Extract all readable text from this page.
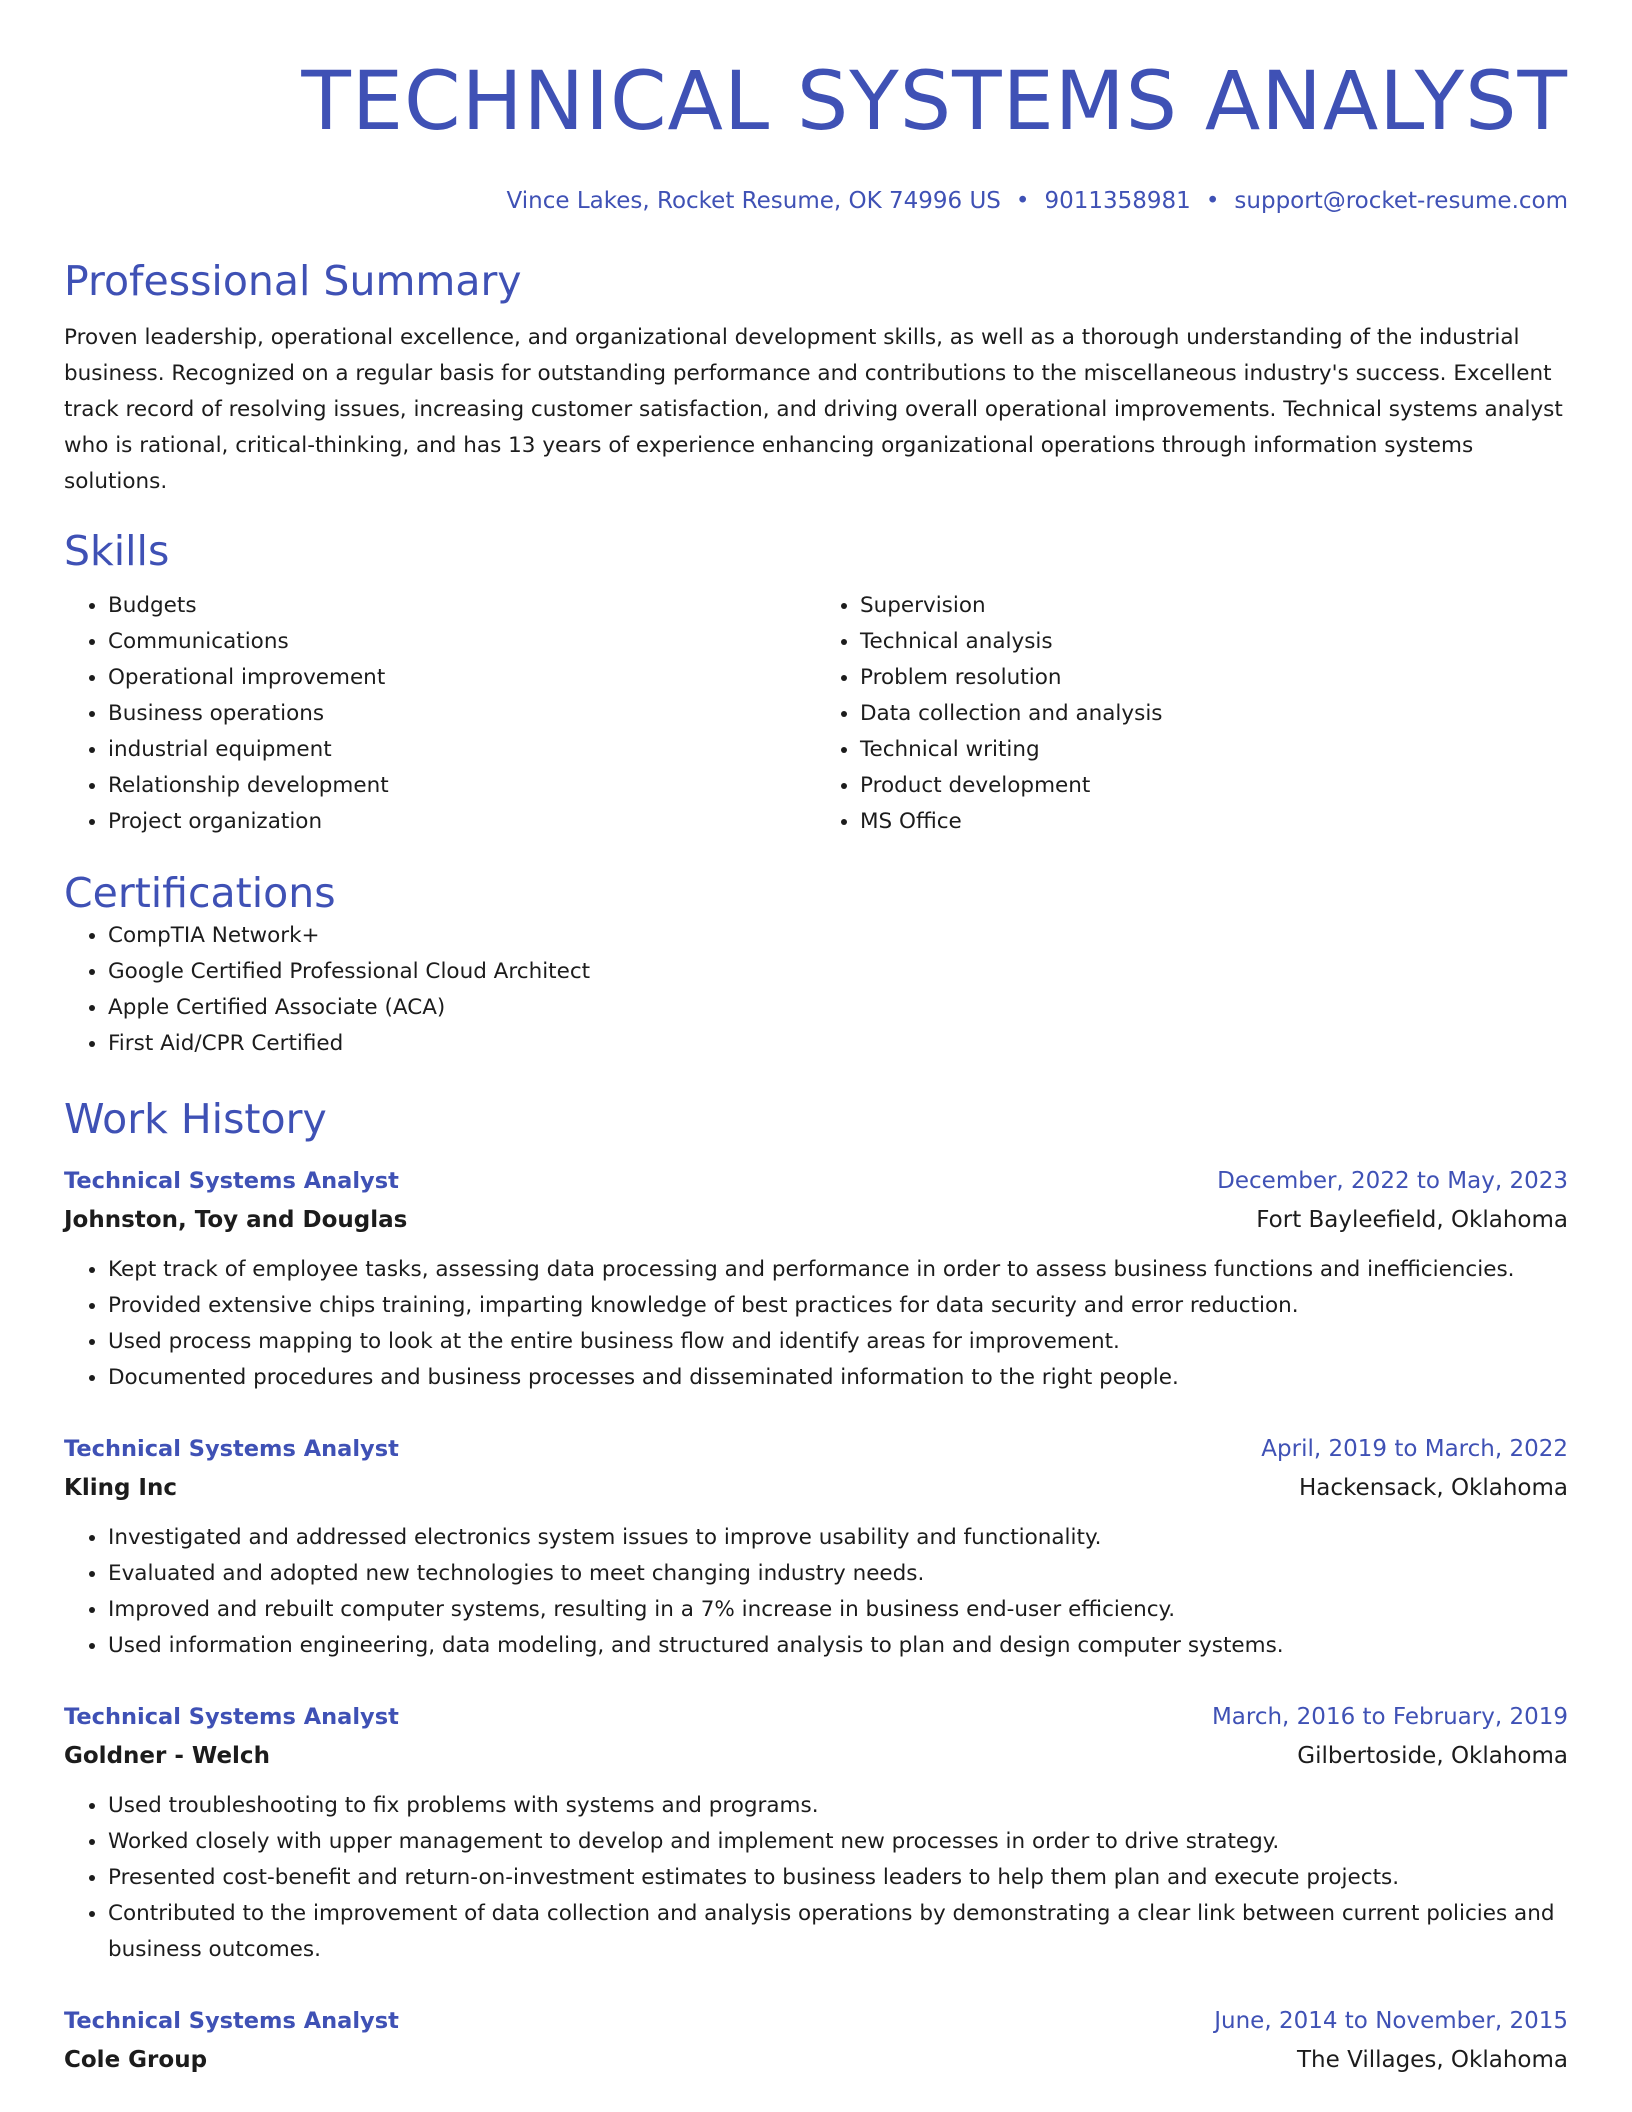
TECHNICAL SYSTEMS ANALYST
Vince Lakes, Rocket Resume, OK 74996 US • 9011358981 • support@rocket-resume.com
Professional Summary

Proven leadership, operational excellence, and organizational development skills, as well as a thorough understanding of the industrial business. Recognized on a regular basis for outstanding performance and contributions to the miscellaneous industry's success. Excellent track record of resolving issues, increasing customer satisfaction, and driving overall operational improvements. Technical systems analyst who is rational, critical-thinking, and has 13 years of experience enhancing organizational operations through information systems solutions.

Skills
• Budgets
• Communications
• Operational improvement
• Business operations
• industrial equipment
• Relationship development
• Project organization
• Supervision
• Technical analysis
• Problem resolution
• Data collection and analysis
• Technical writing
• Product development
• MS Office
Certifications
• CompTIA Network+
• Google Certified Professional Cloud Architect
• Apple Certified Associate (ACA)
• First Aid/CPR Certified
Work History
Technical Systems Analyst	December, 2022 to May, 2023
Johnston, Toy and Douglas	Fort Bayleefield, Oklahoma
• Kept track of employee tasks, assessing data processing and performance in order to assess business functions and inefficiencies.
• Provided extensive chips training, imparting knowledge of best practices for data security and error reduction.
• Used process mapping to look at the entire business flow and identify areas for improvement.
• Documented procedures and business processes and disseminated information to the right people.
Technical Systems Analyst	April, 2019 to March, 2022
Kling Inc	Hackensack, Oklahoma
• Investigated and addressed electronics system issues to improve usability and functionality.
• Evaluated and adopted new technologies to meet changing industry needs.
• Improved and rebuilt computer systems, resulting in a 7% increase in business end-user efficiency.
• Used information engineering, data modeling, and structured analysis to plan and design computer systems.
Technical Systems Analyst	March, 2016 to February, 2019
Goldner - Welch	Gilbertoside, Oklahoma
• Used troubleshooting to fix problems with systems and programs.
• Worked closely with upper management to develop and implement new processes in order to drive strategy.
• Presented cost-benefit and return-on-investment estimates to business leaders to help them plan and execute projects.
• Contributed to the improvement of data collection and analysis operations by demonstrating a clear link between current policies and business outcomes.
Technical Systems Analyst	June, 2014 to November, 2015
Cole Group	The Villages, Oklahoma
